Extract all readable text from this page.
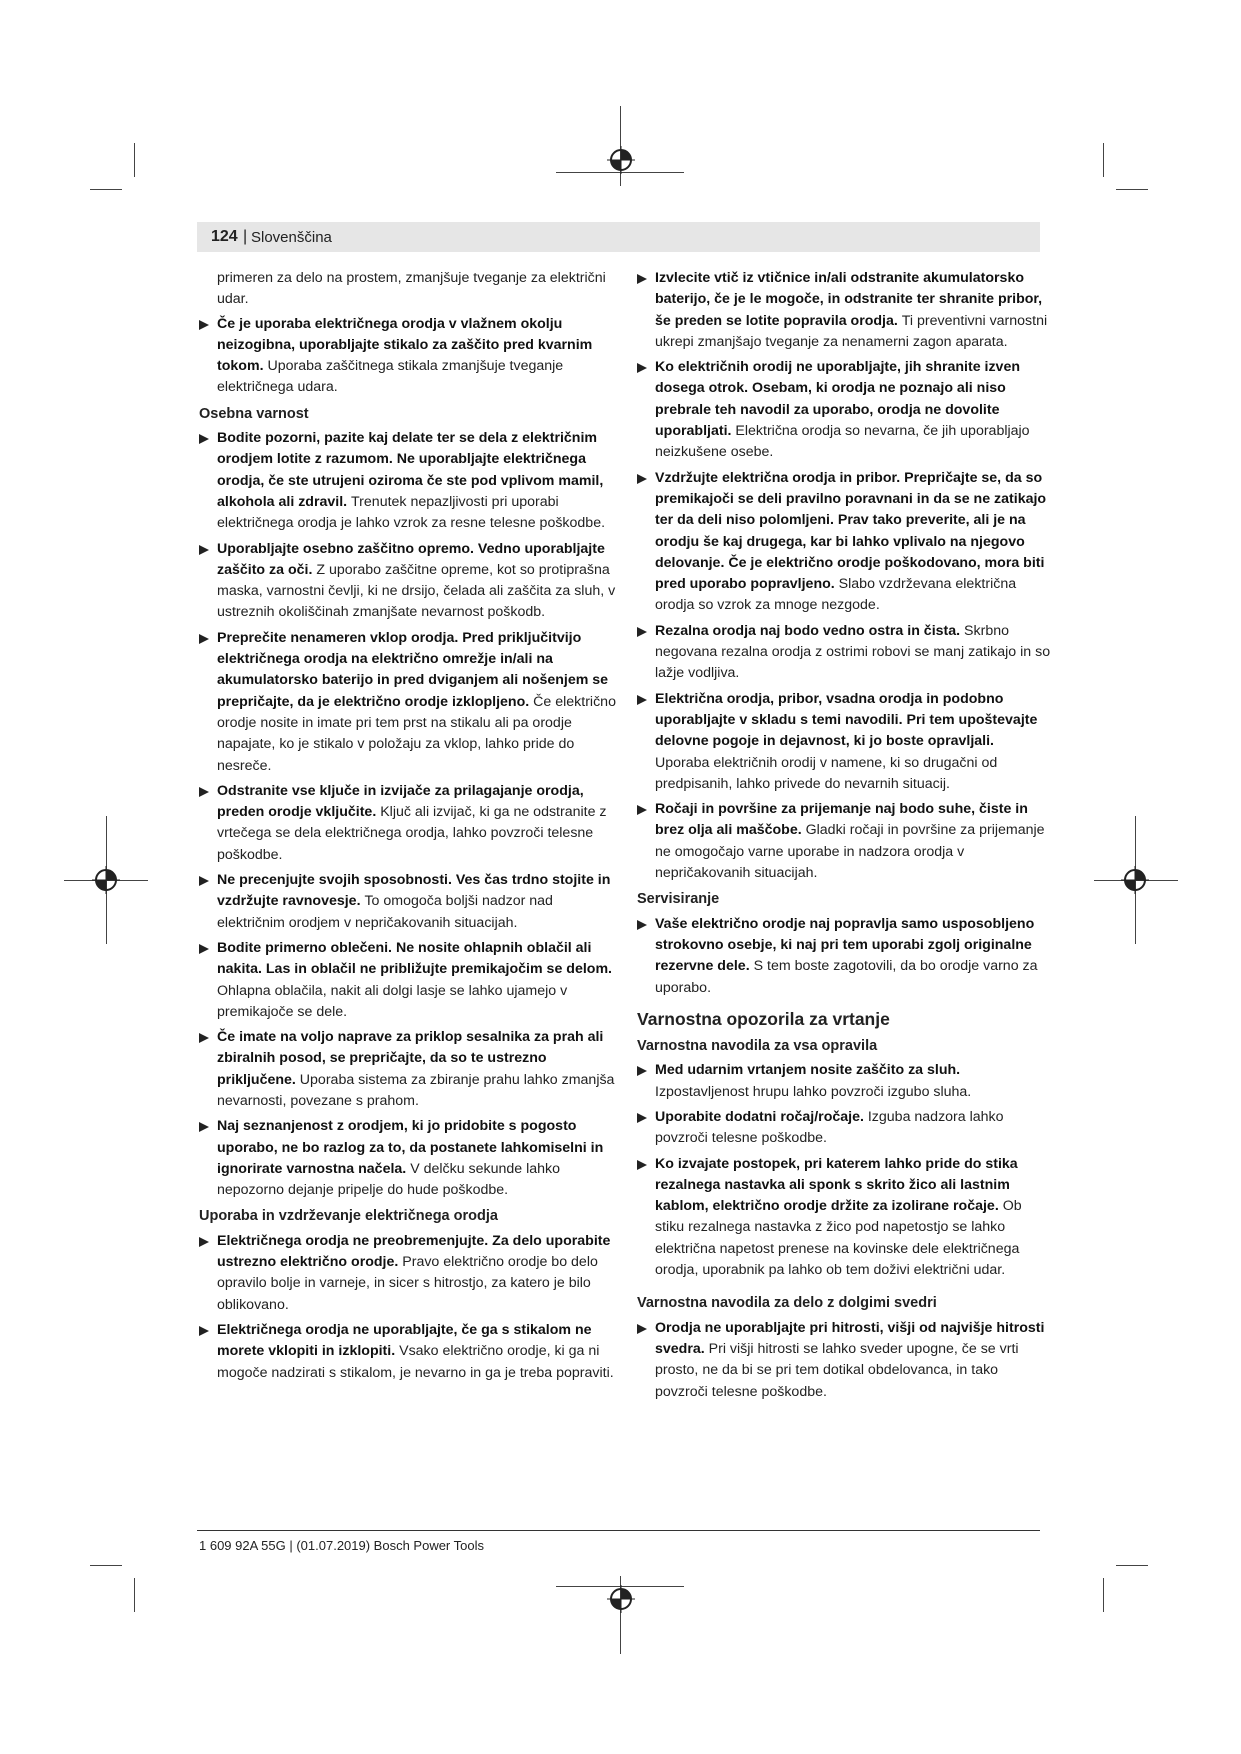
124 | Slovenščina

primeren za delo na prostem, zmanjšuje tveganje za električni udar.

Če je uporaba električnega orodja v vlažnem okolju neizogibna, uporabljajte stikalo za zaščito pred kvarnim tokom. Uporaba zaščitnega stikala zmanjšuje tveganje električnega udara.
Osebna varnost
Bodite pozorni, pazite kaj delate ter se dela z električnim orodjem lotite z razumom. Ne uporabljajte električnega orodja, če ste utrujeni oziroma če ste pod vplivom mamil, alkohola ali zdravil. Trenutek nepazljivosti pri uporabi električnega orodja je lahko vzrok za resne telesne poškodbe.
Uporabljajte osebno zaščitno opremo. Vedno uporabljajte zaščito za oči. Z uporabo zaščitne opreme, kot so protiprašna maska, varnostni čevlji, ki ne drsijo, čelada ali zaščita za sluh, v ustreznih okoliščinah zmanjšate nevarnost poškodb.
Preprečite nenameren vklop orodja. Pred priključitvijo električnega orodja na električno omrežje in/ali na akumulatorsko baterijo in pred dviganjem ali nošenjem se prepričajte, da je električno orodje izklopljeno. Če električno orodje nosite in imate pri tem prst na stikalu ali pa orodje napajate, ko je stikalo v položaju za vklop, lahko pride do nesreče.
Odstranite vse ključe in izvijače za prilagajanje orodja, preden orodje vključite. Ključ ali izvijač, ki ga ne odstranite z vrtečega se dela električnega orodja, lahko povzroči telesne poškodbe.
Ne precenjujte svojih sposobnosti. Ves čas trdno stojite in vzdržujte ravnovesje. To omogoča boljši nadzor nad električnim orodjem v nepričakovanih situacijah.
Bodite primerno oblečeni. Ne nosite ohlapnih oblačil ali nakita. Las in oblačil ne približujte premikajočim se delom. Ohlapna oblačila, nakit ali dolgi lasje se lahko ujamejo v premikajoče se dele.
Če imate na voljo naprave za priklop sesalnika za prah ali zbiralnih posod, se prepričajte, da so te ustrezno priključene. Uporaba sistema za zbiranje prahu lahko zmanjša nevarnosti, povezane s prahom.
Naj seznanjenost z orodjem, ki jo pridobite s pogosto uporabo, ne bo razlog za to, da postanete lahkomiselni in ignorirate varnostna načela. V delčku sekunde lahko nepozorno dejanje pripelje do hude poškodbe.
Uporaba in vzdrževanje električnega orodja
Električnega orodja ne preobremenjujte. Za delo uporabite ustrezno električno orodje. Pravo električno orodje bo delo opravilo bolje in varneje, in sicer s hitrostjo, za katero je bilo oblikovano.
Električnega orodja ne uporabljajte, če ga s stikalom ne morete vklopiti in izklopiti. Vsako električno orodje, ki ga ni mogoče nadzirati s stikalom, je nevarno in ga je treba popraviti.
Izvlecite vtič iz vtičnice in/ali odstranite akumulatorsko baterijo, če je le mogoče, in odstranite ter shranite pribor, še preden se lotite popravila orodja. Ti preventivni varnostni ukrepi zmanjšajo tveganje za nenamerni zagon aparata.
Ko električnih orodij ne uporabljajte, jih shranite izven dosega otrok. Osebam, ki orodja ne poznajo ali niso prebrale teh navodil za uporabo, orodja ne dovolite uporabljati. Električna orodja so nevarna, če jih uporabljajo neizkušene osebe.
Vzdržujte električna orodja in pribor. Prepričajte se, da so premikajoči se deli pravilno poravnani in da se ne zatikajo ter da deli niso polomljeni. Prav tako preverite, ali je na orodju še kaj drugega, kar bi lahko vplivalo na njegovo delovanje. Če je električno orodje poškodovano, mora biti pred uporabo popravljeno. Slabo vzdrževana električna orodja so vzrok za mnoge nezgode.
Rezalna orodja naj bodo vedno ostra in čista. Skrbno negovana rezalna orodja z ostrimi robovi se manj zatikajo in so lažje vodljiva.
Električna orodja, pribor, vsadna orodja in podobno uporabljajte v skladu s temi navodili. Pri tem upoštevajte delovne pogoje in dejavnost, ki jo boste opravljali. Uporaba električnih orodij v namene, ki so drugačni od predpisanih, lahko privede do nevarnih situacij.
Ročaji in površine za prijemanje naj bodo suhe, čiste in brez olja ali maščobe. Gladki ročaji in površine za prijemanje ne omogočajo varne uporabe in nadzora orodja v nepričakovanih situacijah.
Servisiranje
Vaše električno orodje naj popravlja samo usposobljeno strokovno osebje, ki naj pri tem uporabi zgolj originalne rezervne dele. S tem boste zagotovili, da bo orodje varno za uporabo.
Varnostna opozorila za vrtanje
Varnostna navodila za vsa opravila
Med udarnim vrtanjem nosite zaščito za sluh. Izpostavljenost hrupu lahko povzroči izgubo sluha.
Uporabite dodatni ročaj/ročaje. Izguba nadzora lahko povzroči telesne poškodbe.
Ko izvajate postopek, pri katerem lahko pride do stika rezalnega nastavka ali sponk s skrito žico ali lastnim kablom, električno orodje držite za izolirane ročaje. Ob stiku rezalnega nastavka z žico pod napetostjo se lahko električna napetost prenese na kovinske dele električnega orodja, uporabnik pa lahko ob tem doživi električni udar.
Varnostna navodila za delo z dolgimi svedri
Orodja ne uporabljajte pri hitrosti, višji od najvišje hitrosti svedra. Pri višji hitrosti se lahko sveder upogne, če se vrti prosto, ne da bi se pri tem dotikal obdelovanca, in tako povzroči telesne poškodbe.
1 609 92A 55G | (01.07.2019) Bosch Power Tools
